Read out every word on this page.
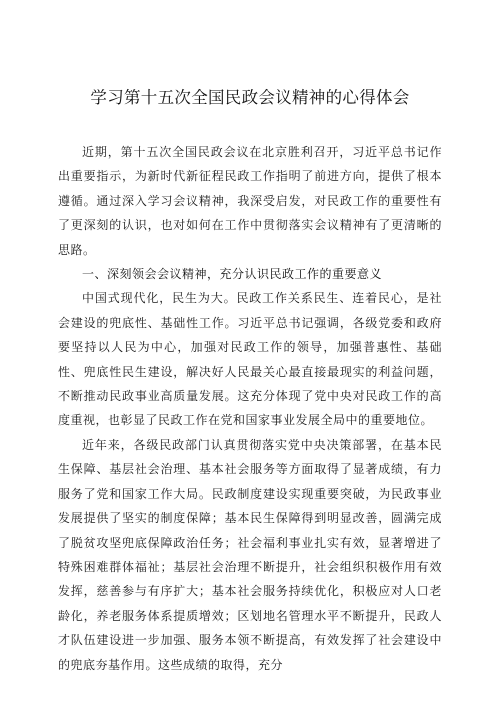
学习第十五次全国民政会议精神的心得体会

近期，第十五次全国民政会议在北京胜利召开，习近平总书记作出重要指示，为新时代新征程民政工作指明了前进方向，提供了根本遵循。通过深入学习会议精神，我深受启发，对民政工作的重要性有了更深刻的认识，也对如何在工作中贯彻落实会议精神有了更清晰的思路。

一、深刻领会会议精神，充分认识民政工作的重要意义

中国式现代化，民生为大。民政工作关系民生、连着民心，是社会建设的兜底性、基础性工作。习近平总书记强调，各级党委和政府要坚持以人民为中心，加强对民政工作的领导，加强普惠性、基础性、兜底性民生建设，解决好人民最关心最直接最现实的利益问题，不断推动民政事业高质量发展。这充分体现了党中央对民政工作的高度重视，也彰显了民政工作在党和国家事业发展全局中的重要地位。

近年来，各级民政部门认真贯彻落实党中央决策部署，在基本民生保障、基层社会治理、基本社会服务等方面取得了显著成绩，有力服务了党和国家工作大局。民政制度建设实现重要突破，为民政事业发展提供了坚实的制度保障；基本民生保障得到明显改善，圆满完成了脱贫攻坚兜底保障政治任务；社会福利事业扎实有效，显著增进了特殊困难群体福祉；基层社会治理不断提升，社会组织积极作用有效发挥，慈善参与有序扩大；基本社会服务持续优化，积极应对人口老龄化，养老服务体系提质增效；区划地名管理水平不断提升，民政人才队伍建设进一步加强、服务本领不断提高，有效发挥了社会建设中的兜底夯基作用。这些成绩的取得，充分
